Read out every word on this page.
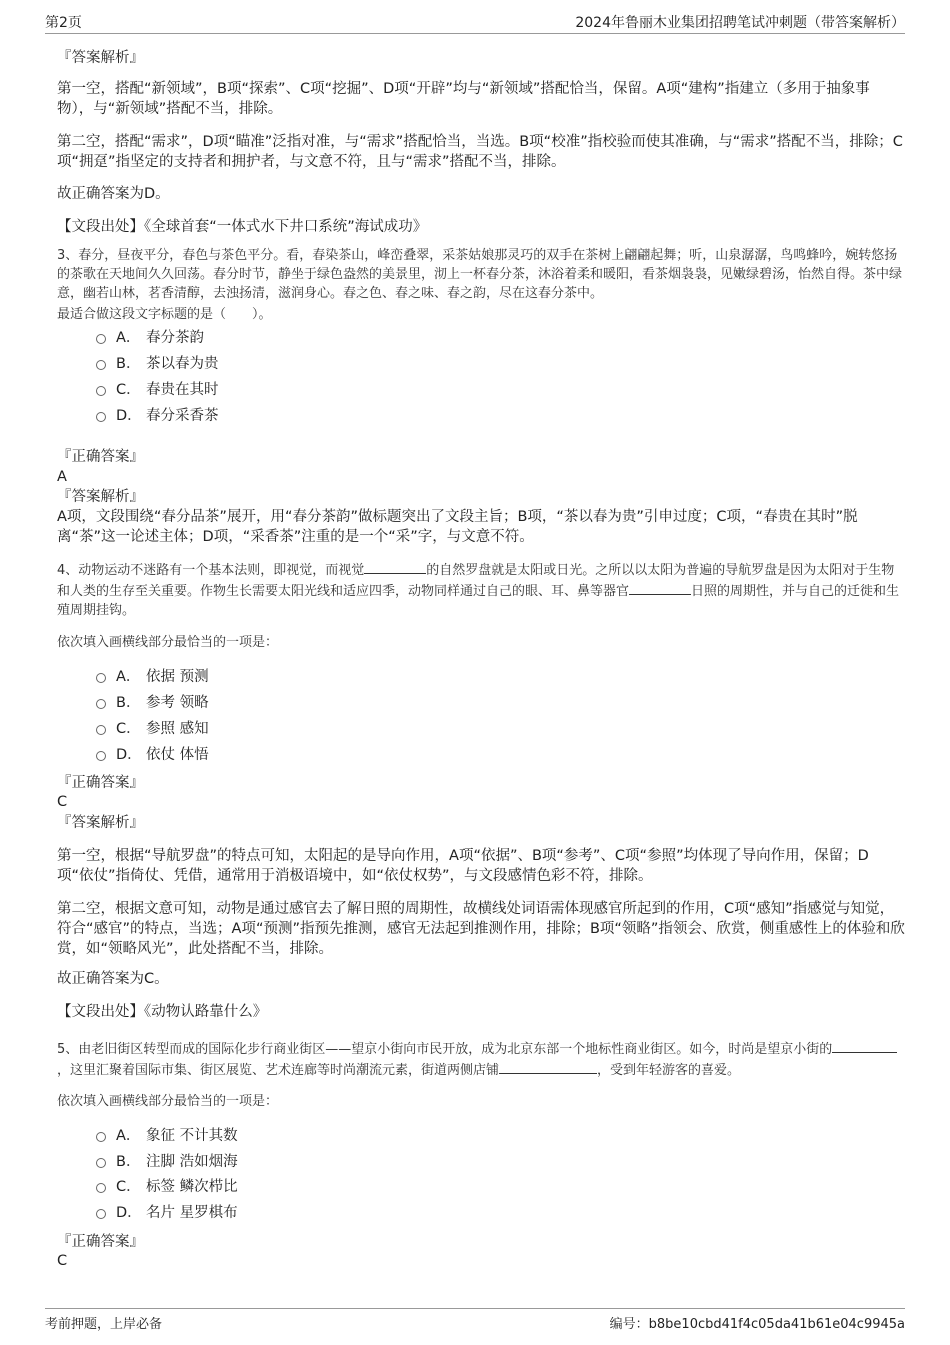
第2页	2024年鲁丽木业集团招聘笔试冲刺题（带答案解析）
『答案解析』
第一空，搭配“新领域”，B项“探索”、C项“挖掘”、D项“开辟”均与“新领域”搭配恰当，保留。A项“建构”指建立（多用于抽象事物），与“新领域”搭配不当，排除。
第二空，搭配“需求”，D项“瞄准”泛指对准，与“需求”搭配恰当，当选。B项“校准”指校验而使其准确，与“需求”搭配不当，排除；C项“拥趸”指坚定的支持者和拥护者，与文意不符，且与“需求”搭配不当，排除。
故正确答案为D。
【文段出处】《全球首套“一体式水下井口系统”海试成功》
3、春分，昼夜平分，春色与茶色平分。看，春染茶山，峰峦叠翠，采茶姑娘那灵巧的双手在茶树上翩翩起舞；听，山泉潺潺，鸟鸣蜂吟，婉转悠扬的茶歌在天地间久久回荡。春分时节，静坐于绿色盎然的美景里，沏上一杯春分茶，沐浴着柔和暖阳，看茶烟袅袅，见嫩绿碧汤，怡然自得。茶中绿意，幽若山林，茗香清醇，去浊扬清，滋润身心。春之色、春之味、春之韵，尽在这春分茶中。
最适合做这段文字标题的是（　　）。
A． 春分茶韵
B． 茶以春为贵
C． 春贵在其时
D． 春分采香茶
『正确答案』
A
『答案解析』
A项，文段围绕“春分品茶”展开，用“春分茶韵”做标题突出了文段主旨；B项，“茶以春为贵”引申过度；C项，“春贵在其时”脱离“茶”这一论述主体；D项，“采香茶”注重的是一个“采”字，与文意不符。
4、动物运动不迷路有一个基本法则，即视觉，而视觉	的自然罗盘就是太阳或日光。之所以以太阳为普遍的导航罗盘是因为太阳对于生物和人类的生存至关重要。作物生长需要太阳光线和适应四季，动物同样通过自己的眼、耳、鼻等器官	日照的周期性，并与自己的迁徙和生殖周期挂钩。
依次填入画横线部分最恰当的一项是：
A． 依据 预测
B． 参考 领略
C． 参照 感知
D． 依仗 体悟
『正确答案』
C
『答案解析』
第一空，根据“导航罗盘”的特点可知，太阳起的是导向作用，A项“依据”、B项“参考”、C项“参照”均体现了导向作用，保留；D项“依仗”指倚仗、凭借，通常用于消极语境中，如“依仗权势”，与文段感情色彩不符，排除。
第二空，根据文意可知，动物是通过感官去了解日照的周期性，故横线处词语需体现感官所起到的作用，C项“感知”指感觉与知觉，符合“感官”的特点，当选；A项“预测”指预先推测，感官无法起到推测作用，排除；B项“领略”指领会、欣赏，侧重感性上的体验和欣赏，如“领略风光”，此处搭配不当，排除。
故正确答案为C。
【文段出处】《动物认路靠什么》
5、由老旧街区转型而成的国际化步行商业街区——望京小街向市民开放，成为北京东部一个地标性商业街区。如今，时尚是望京小街的，这里汇聚着国际市集、街区展览、艺术连廊等时尚潮流元素，街道两侧店铺	，受到年轻游客的喜爱。
依次填入画横线部分最恰当的一项是：
A． 象征 不计其数
B． 注脚 浩如烟海
C． 标签 鳞次栉比
D． 名片 星罗棋布
『正确答案』
C
考前押题，上岸必备	编号：b8be10cbd41f4c05da41b61e04c9945a
